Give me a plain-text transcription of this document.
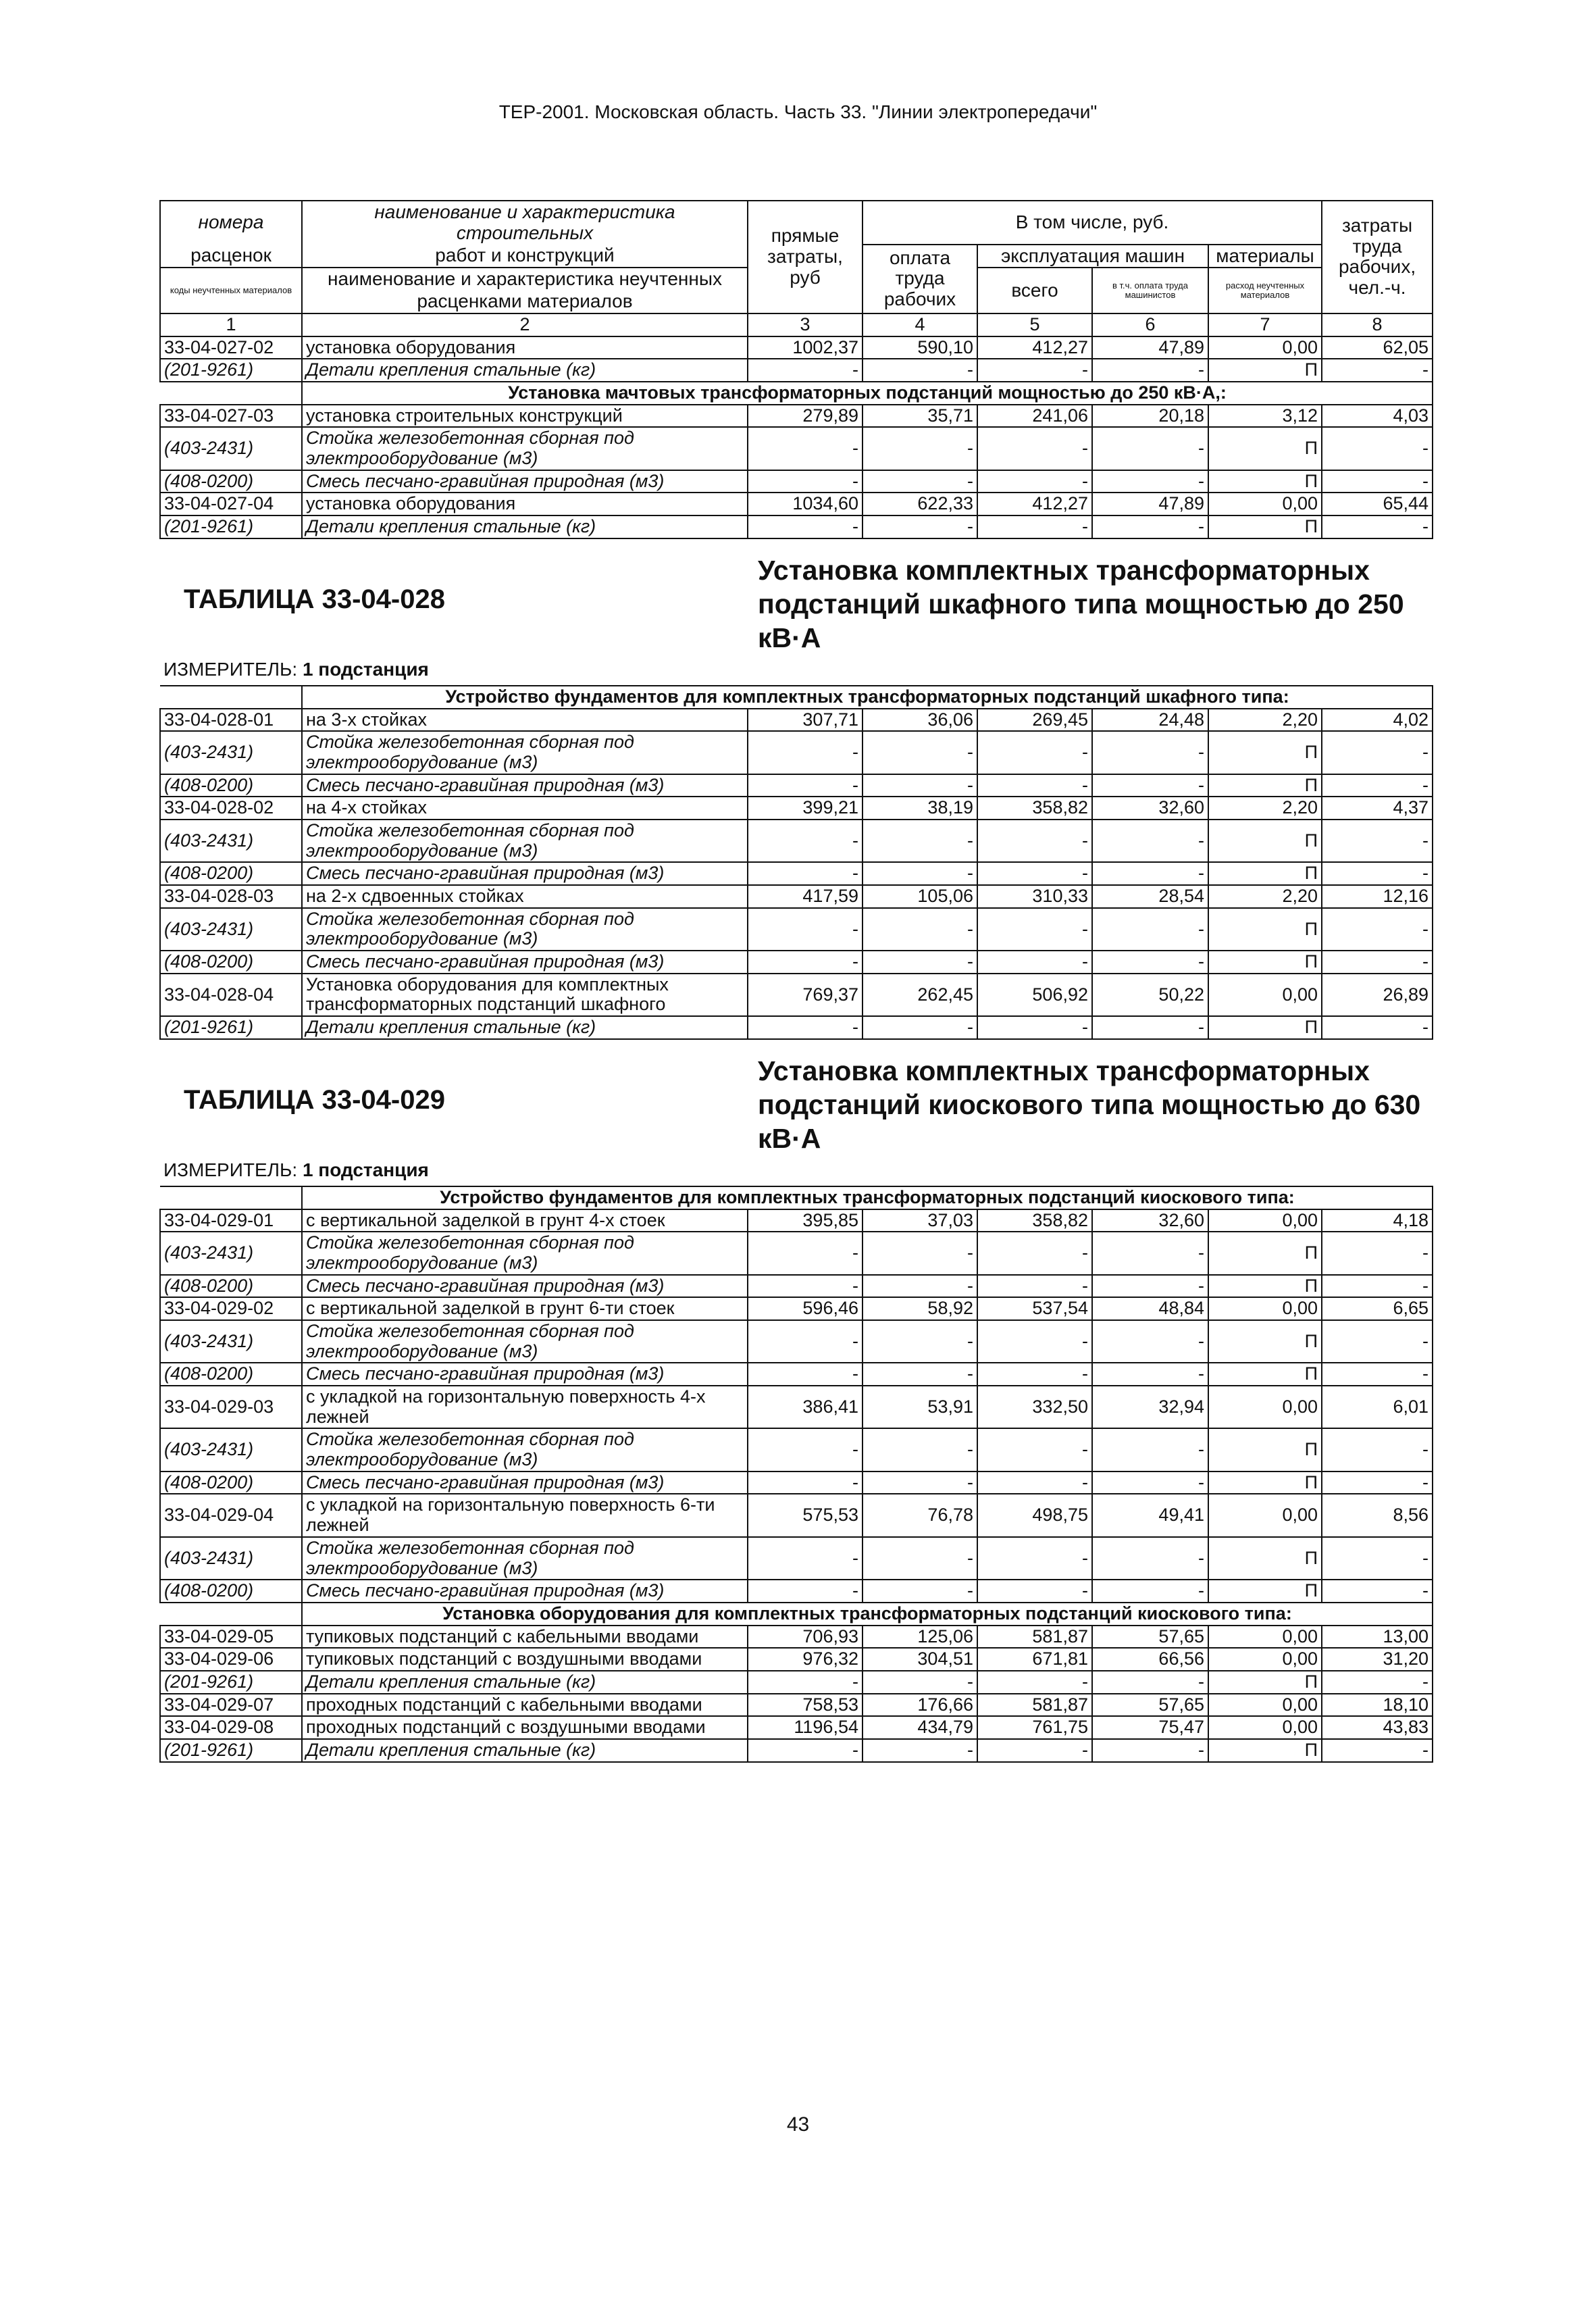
ТЕР-2001. Московская область. Часть 33. "Линии электропередачи"
номера	наименование и характеристика строительных	прямые затраты, руб	В том числе, руб.				затраты труда рабочих, чел.-ч.
расценок	работ и конструкций		оплата труда рабочих	эксплуатация машин		материалы	
коды неучтенных материалов	наименование и характеристика неучтенных			всего	в т.ч. оплата труда машинистов	расход неучтенных материалов	
	расценками материалов						
1	2	3	4	5	6	7	8
33-04-027-02	установка оборудования	1002,37	590,10	412,27	47,89	0,00	62,05
(201-9261)	Детали крепления стальные (кг)	-	-	-	-	П	-
	Установка мачтовых трансформаторных подстанций мощностью до 250 кВ·А,:						
33-04-027-03	установка строительных конструкций	279,89	35,71	241,06	20,18	3,12	4,03
(403-2431)	Стойка железобетонная сборная под электрооборудование (м3)	-	-	-	-	П	-
(408-0200)	Смесь песчано-гравийная природная (м3)	-	-	-	-	П	-
33-04-027-04	установка оборудования	1034,60	622,33	412,27	47,89	0,00	65,44
(201-9261)	Детали крепления стальные (кг)	-	-	-	-	П	-

ТАБЛИЦА 33-04-028
Установка комплектных трансформаторных подстанций шкафного типа мощностью до 250 кВ·А							

ИЗМЕРИТЕЛЬ: 1 подстанция							
	Устройство фундаментов для комплектных трансформаторных подстанций шкафного типа:						
33-04-028-01	на 3-х стойках	307,71	36,06	269,45	24,48	2,20	4,02
(403-2431)	Стойка железобетонная сборная под электрооборудование (м3)	-	-	-	-	П	-
(408-0200)	Смесь песчано-гравийная природная (м3)	-	-	-	-	П	-
33-04-028-02	на 4-х стойках	399,21	38,19	358,82	32,60	2,20	4,37
(403-2431)	Стойка железобетонная сборная под электрооборудование (м3)	-	-	-	-	П	-
(408-0200)	Смесь песчано-гравийная природная (м3)	-	-	-	-	П	-
33-04-028-03	на 2-х сдвоенных стойках	417,59	105,06	310,33	28,54	2,20	12,16
(403-2431)	Стойка железобетонная сборная под электрооборудование (м3)	-	-	-	-	П	-
(408-0200)	Смесь песчано-гравийная природная (м3)	-	-	-	-	П	-
33-04-028-04	Установка оборудования для комплектных трансформаторных подстанций шкафного	769,37	262,45	506,92	50,22	0,00	26,89
(201-9261)	Детали крепления стальные (кг)	-	-	-	-	П	-

ТАБЛИЦА 33-04-029
Установка комплектных трансформаторных подстанций киоскового типа мощностью до 630 кВ·А							

ИЗМЕРИТЕЛЬ: 1 подстанция							
	Устройство фундаментов для комплектных трансформаторных подстанций киоскового типа:						
33-04-029-01	с вертикальной заделкой в грунт 4-х стоек	395,85	37,03	358,82	32,60	0,00	4,18
(403-2431)	Стойка железобетонная сборная под электрооборудование (м3)	-	-	-	-	П	-
(408-0200)	Смесь песчано-гравийная природная (м3)	-	-	-	-	П	-
33-04-029-02	с вертикальной заделкой в грунт 6-ти стоек	596,46	58,92	537,54	48,84	0,00	6,65
(403-2431)	Стойка железобетонная сборная под электрооборудование (м3)	-	-	-	-	П	-
(408-0200)	Смесь песчано-гравийная природная (м3)	-	-	-	-	П	-
33-04-029-03	с укладкой на горизонтальную поверхность 4-х лежней	386,41	53,91	332,50	32,94	0,00	6,01
(403-2431)	Стойка железобетонная сборная под электрооборудование (м3)	-	-	-	-	П	-
(408-0200)	Смесь песчано-гравийная природная (м3)	-	-	-	-	П	-
33-04-029-04	с укладкой на горизонтальную поверхность 6-ти лежней	575,53	76,78	498,75	49,41	0,00	8,56
(403-2431)	Стойка железобетонная сборная под электрооборудование (м3)	-	-	-	-	П	-
(408-0200)	Смесь песчано-гравийная природная (м3)	-	-	-	-	П	-
	Установка оборудования для комплектных трансформаторных подстанций киоскового типа:						
33-04-029-05	тупиковых подстанций с кабельными вводами	706,93	125,06	581,87	57,65	0,00	13,00
33-04-029-06	тупиковых подстанций с воздушными вводами	976,32	304,51	671,81	66,56	0,00	31,20
(201-9261)	Детали крепления стальные (кг)	-	-	-	-	П	-
33-04-029-07	проходных подстанций с кабельными вводами	758,53	176,66	581,87	57,65	0,00	18,10
33-04-029-08	проходных подстанций с воздушными вводами	1196,54	434,79	761,75	75,47	0,00	43,83
(201-9261)	Детали крепления стальные (кг)	-	-	-	-	П	-
43
